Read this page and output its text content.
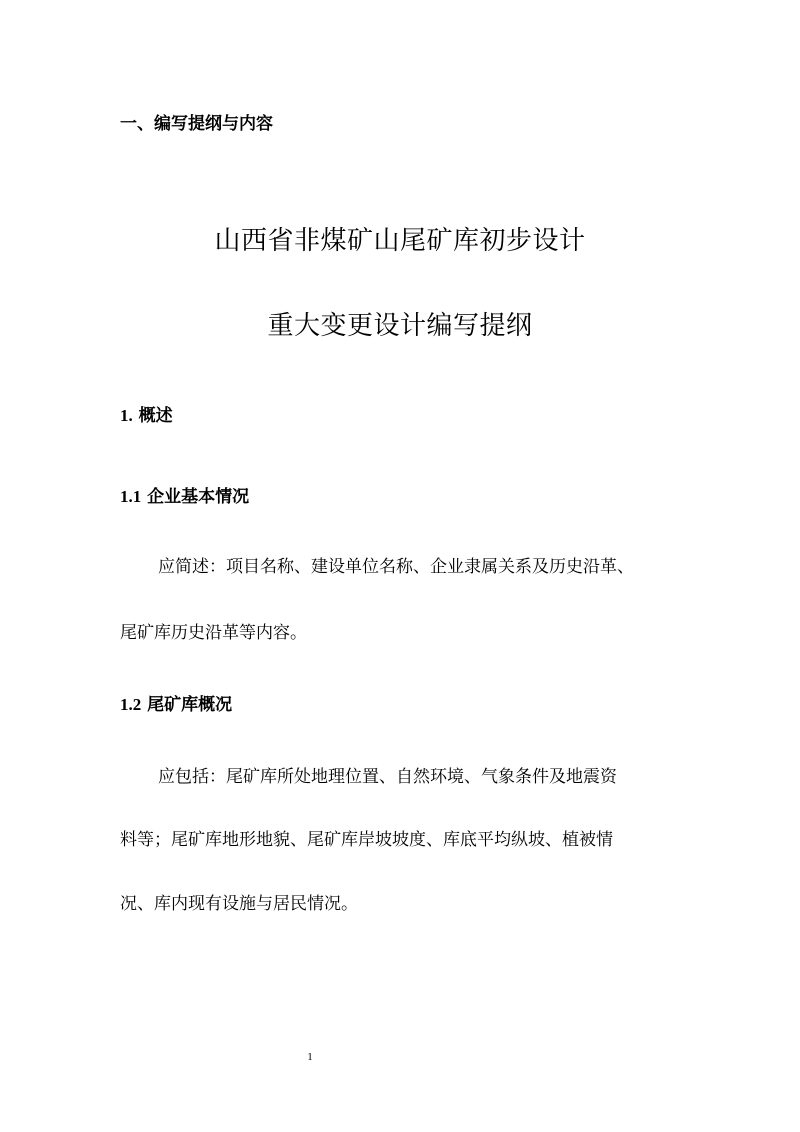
一、编写提纲与内容
山西省非煤矿山尾矿库初步设计
重大变更设计编写提纲
1. 概述
1.1 企业基本情况
应简述：项目名称、建设单位名称、企业隶属关系及历史沿革、
尾矿库历史沿革等内容。
1.2 尾矿库概况
应包括：尾矿库所处地理位置、自然环境、气象条件及地震资
料等；尾矿库地形地貌、尾矿库岸坡坡度、库底平均纵坡、植被情
况、库内现有设施与居民情况。
1
